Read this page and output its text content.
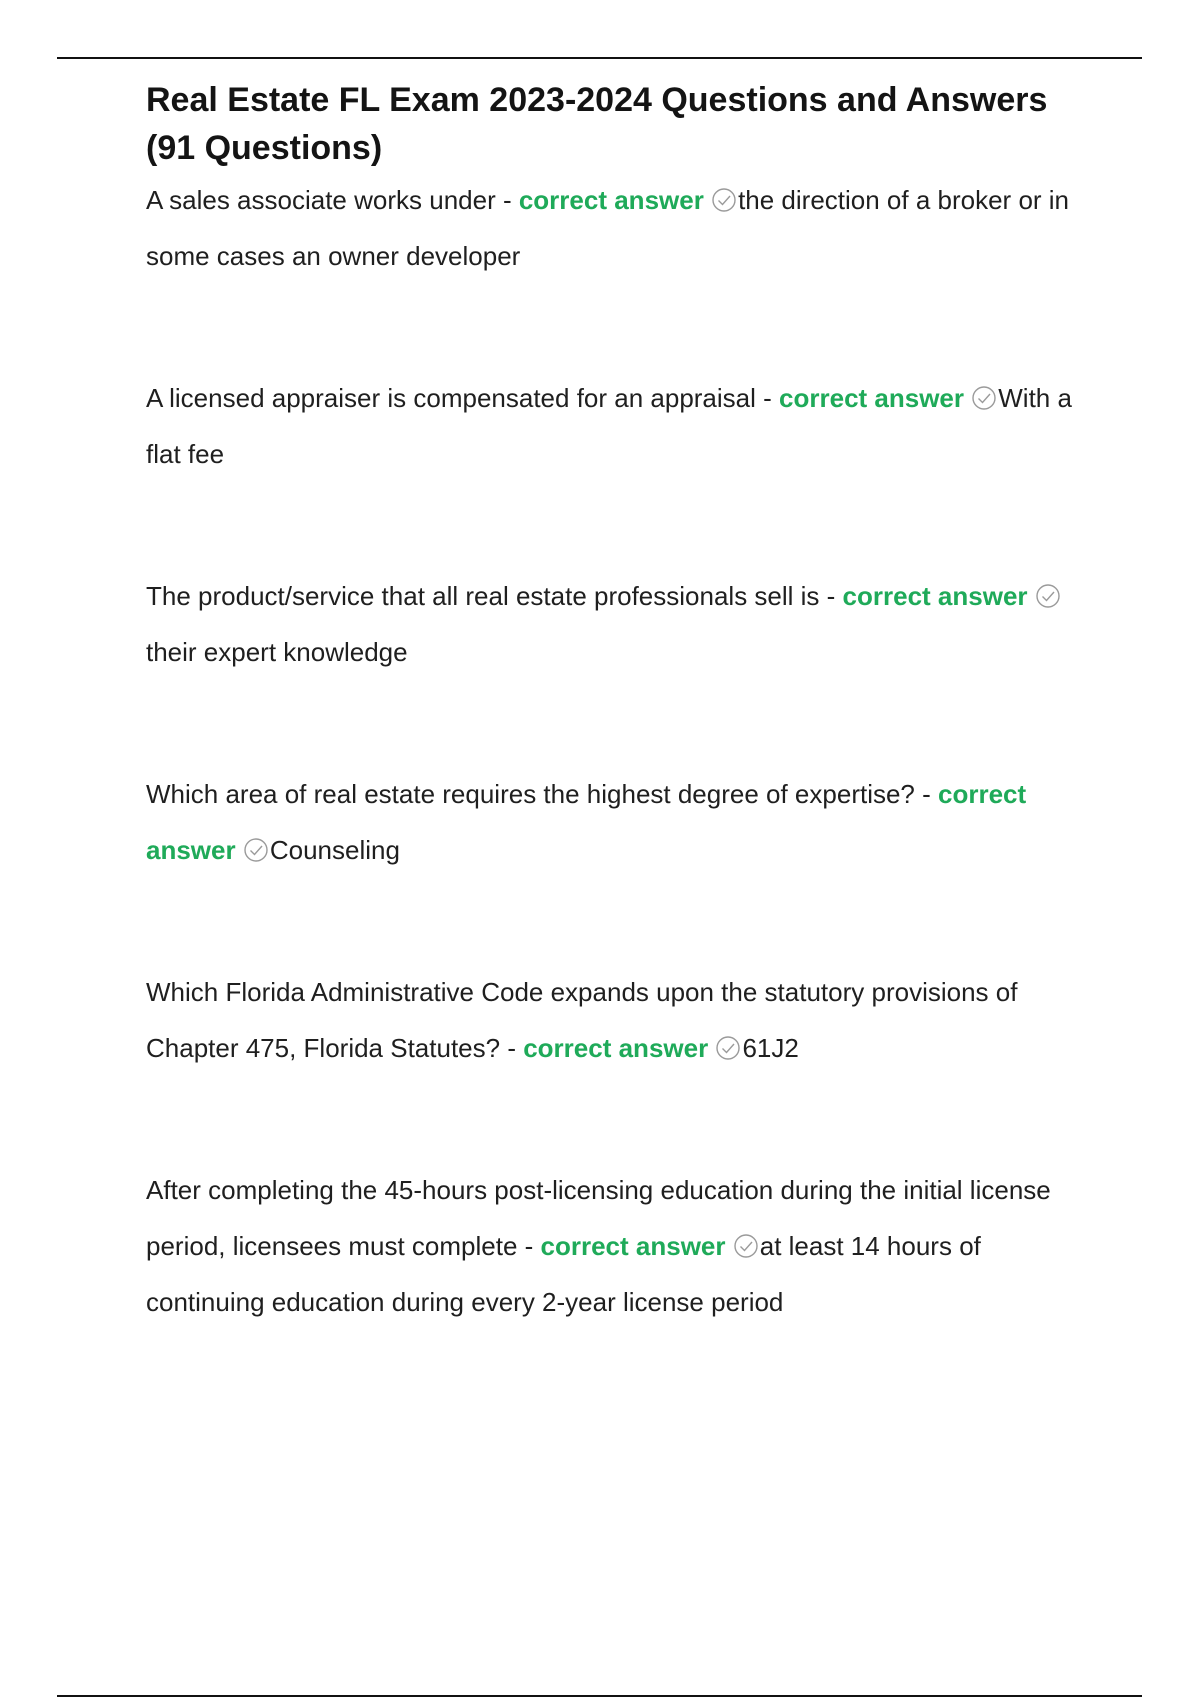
Real Estate FL Exam 2023-2024 Questions and Answers (91 Questions)
A sales associate works under - correct answer the direction of a broker or in some cases an owner developer
A licensed appraiser is compensated for an appraisal - correct answer With a flat fee
The product/service that all real estate professionals sell is - correct answer
their expert knowledge
Which area of real estate requires the highest degree of expertise? - correct answer Counseling
Which Florida Administrative Code expands upon the statutory provisions of Chapter 475, Florida Statutes? - correct answer 61J2
After completing the 45-hours post-licensing education during the initial license period, licensees must complete - correct answer at least 14 hours of continuing education during every 2-year license period
